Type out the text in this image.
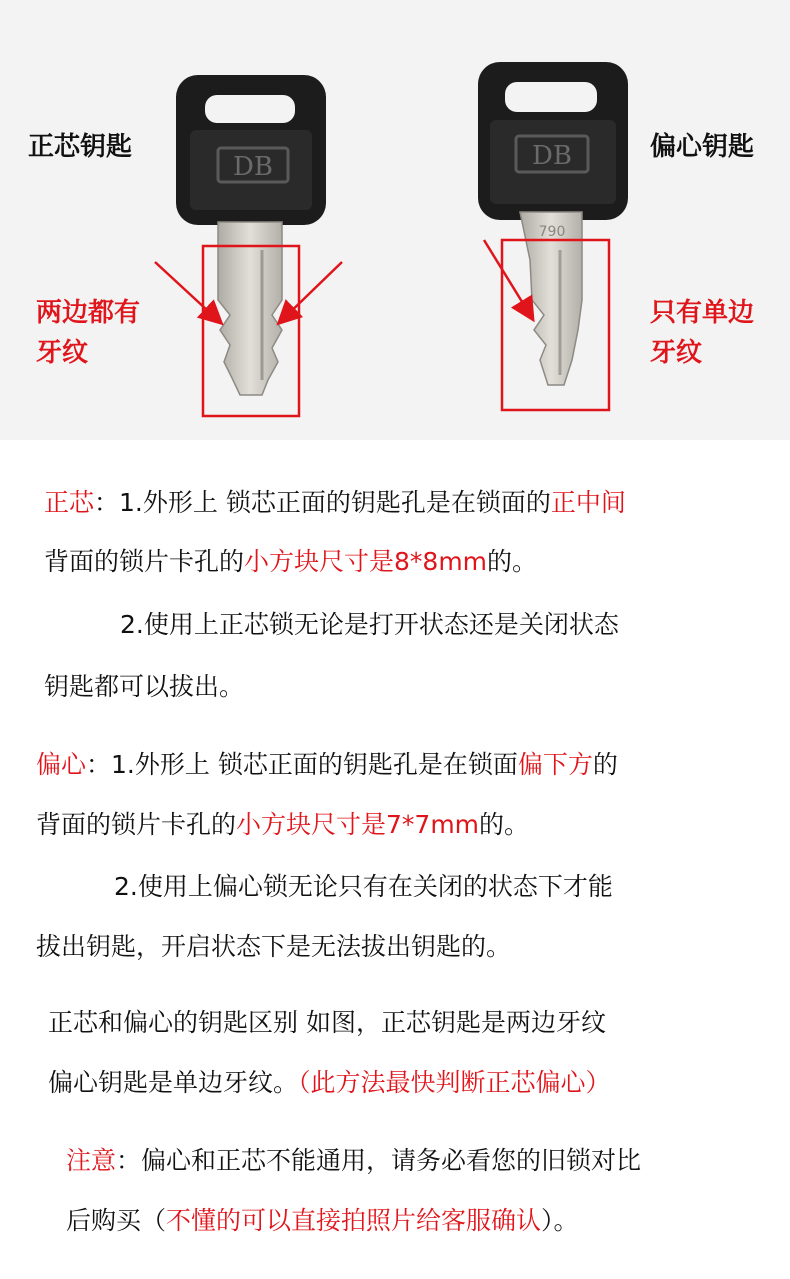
DB	DB
790
正芯钥匙	偏心钥匙
两边都有
牙纹
只有单边
牙纹
正芯：1.外形上 锁芯正面的钥匙孔是在锁面的正中间
背面的锁片卡孔的小方块尺寸是8*8mm的。
2.使用上正芯锁无论是打开状态还是关闭状态
钥匙都可以拔出。
偏心：1.外形上 锁芯正面的钥匙孔是在锁面偏下方的
背面的锁片卡孔的小方块尺寸是7*7mm的。
2.使用上偏心锁无论只有在关闭的状态下才能
拔出钥匙，开启状态下是无法拔出钥匙的。
正芯和偏心的钥匙区别 如图，正芯钥匙是两边牙纹
偏心钥匙是单边牙纹。（此方法最快判断正芯偏心）
注意：偏心和正芯不能通用，请务必看您的旧锁对比
后购买（不懂的可以直接拍照片给客服确认）。
